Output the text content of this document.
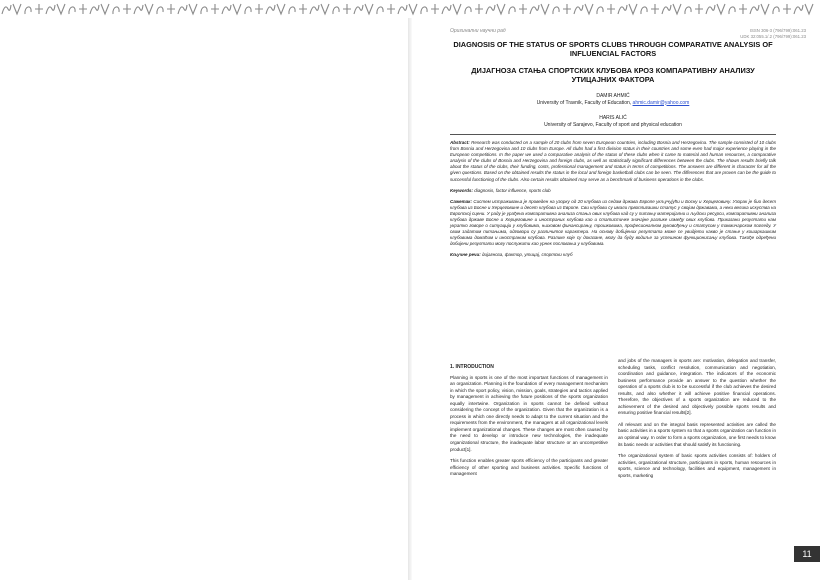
Оригинални научни рад	ISSN 306-3 (796/799):061.23
UDK 32:055.1/.2 (796/799):061.23
DIAGNOSIS OF THE STATUS OF SPORTS CLUBS THROUGH COMPARATIVE ANALYSIS OF INFLUENCIAL FACTORS
ДИЈАГНОЗА СТАЊА СПОРТСКИХ КЛУБОВА КРОЗ КОМПАРАТИВНУ АНАЛИЗУ УТИЦАЈНИХ ФАКТОРА
DAMIR AHMIĆ
University of Travnik, Faculty of Education, ahmic.damir@yahoo.com
HARIS ALIĆ
University of Sarajevo, Faculty of sport and physical education

Abstract: Research was conducted on a sample of 20 clubs from seven European countries, including Bosnia and Herzegovina. The sample consisted of 10 clubs from Bosnia and Herzegovina and 10 clubs from Europe. All clubs had a first division status in their countries and some even had major experience playing in the European competitions. In the paper we used a comparative analysis of the status of these clubs when it came to material and human resources, a comparative analysis of the clubs of Bosnia and Herzegovina and foreign clubs, as well as statistically significant differences between the clubs. The shown results briefly talk about the status of the clubs, their funding, costs, professional management and status in terms of competitions. The answers are different in character for all the given questions. Based on the obtained results the status in the local and foreign basketball clubs can be seen. The differences that are proven can be the guide to successful functioning of the clubs. Also certain results obtained may serve as a benchmark of business operations in the clubs.

Keywords: diagnosis, factor influence, sports club

Сажетак: Систем истраживања је проведен на узорку од 20 клубова из седам држава Европе укључујући и Босну и Херцеговину. Узорак је био десет клубова из Босне и Херцеговине и десет клубова из Европе. Сви клубови су имали првоплигашки статус у својим државама, а неки велика искуства на Европској сцени. У раду је урађена компаративна анализа стања ових клубова кад су у питању материјални и људски ресурси, компаративни анализа клубова државе Босне и Херцеговине и иностраних клубова као и статистичке значајне разлике између ових клубова. Приказани резултати нам укратко говоре о ситуацији у клубовима, њиховом финансирању, трошковима, професионалном руковођењу и статусом у такмичарском погледу. У свим задатим питањима, одговори су различитог карактера. На основу добијених резултата може се увидјети какво је стање у кошаркашким клубовима домаћим и иностраним клубова. Разлике које су доказане, могу да буду водиље за успешном функционисању клубова. Такође одређени добијени резултати могу послужити као урнек пословања у клубовима.

Кључне речи: дијагноза, фактор, утицај, спортски клуб

1. INTRODUCTION

Planning in sports is one of the most important functions of management in an organization. Planning is the foundation of every management mechanism in which the sport policy, vision, mission, goals, strategies and tactics applied by management in achieving the future positions of the sports organization equally intertwine. Organization in sports cannot be defined without considering the concept of the organization. Given that the organization is a process in which one directly needs to adapt to the current situation and the requirements from the environment, the managers at all organizational levels implement organizational changes. These changes are most often caused by the need to develop or introduce new technologies, the inadequate organizational structure, the inadequate labor structure or an uncompetitive product[1].

This function enables greater sports efficiency of the participants and greater efficiency of other sporting and business activities. Specific functions of management

and jobs of the managers in sports are: motivation, delegation and transfer, scheduling tasks, conflict resolution, communication and negotiation, coordination and guidance, integration. The indicators of the economic business performance provide an answer to the question whether the operation of a sports club is to be successful if the club achieves the desired results, and also whether it will achieve positive financial operations. Therefore, the objectives of a sports organization are reduced to the achievement of the desired and objectively possible sports results and ensuring positive financial results[2].

All relevant and on the integral basis represented activities are called the basic activities in a sports system so that a sports organization can function in an optimal way. In order to form a sports organization, one first needs to know its basic needs or activities that should satisfy its functioning.

The organizational system of basic sports activities consists of: holders of activities, organizational structure, participants in sports, human resources in sports, science and technology, facilities and equipment, management in sports, marketing

11
